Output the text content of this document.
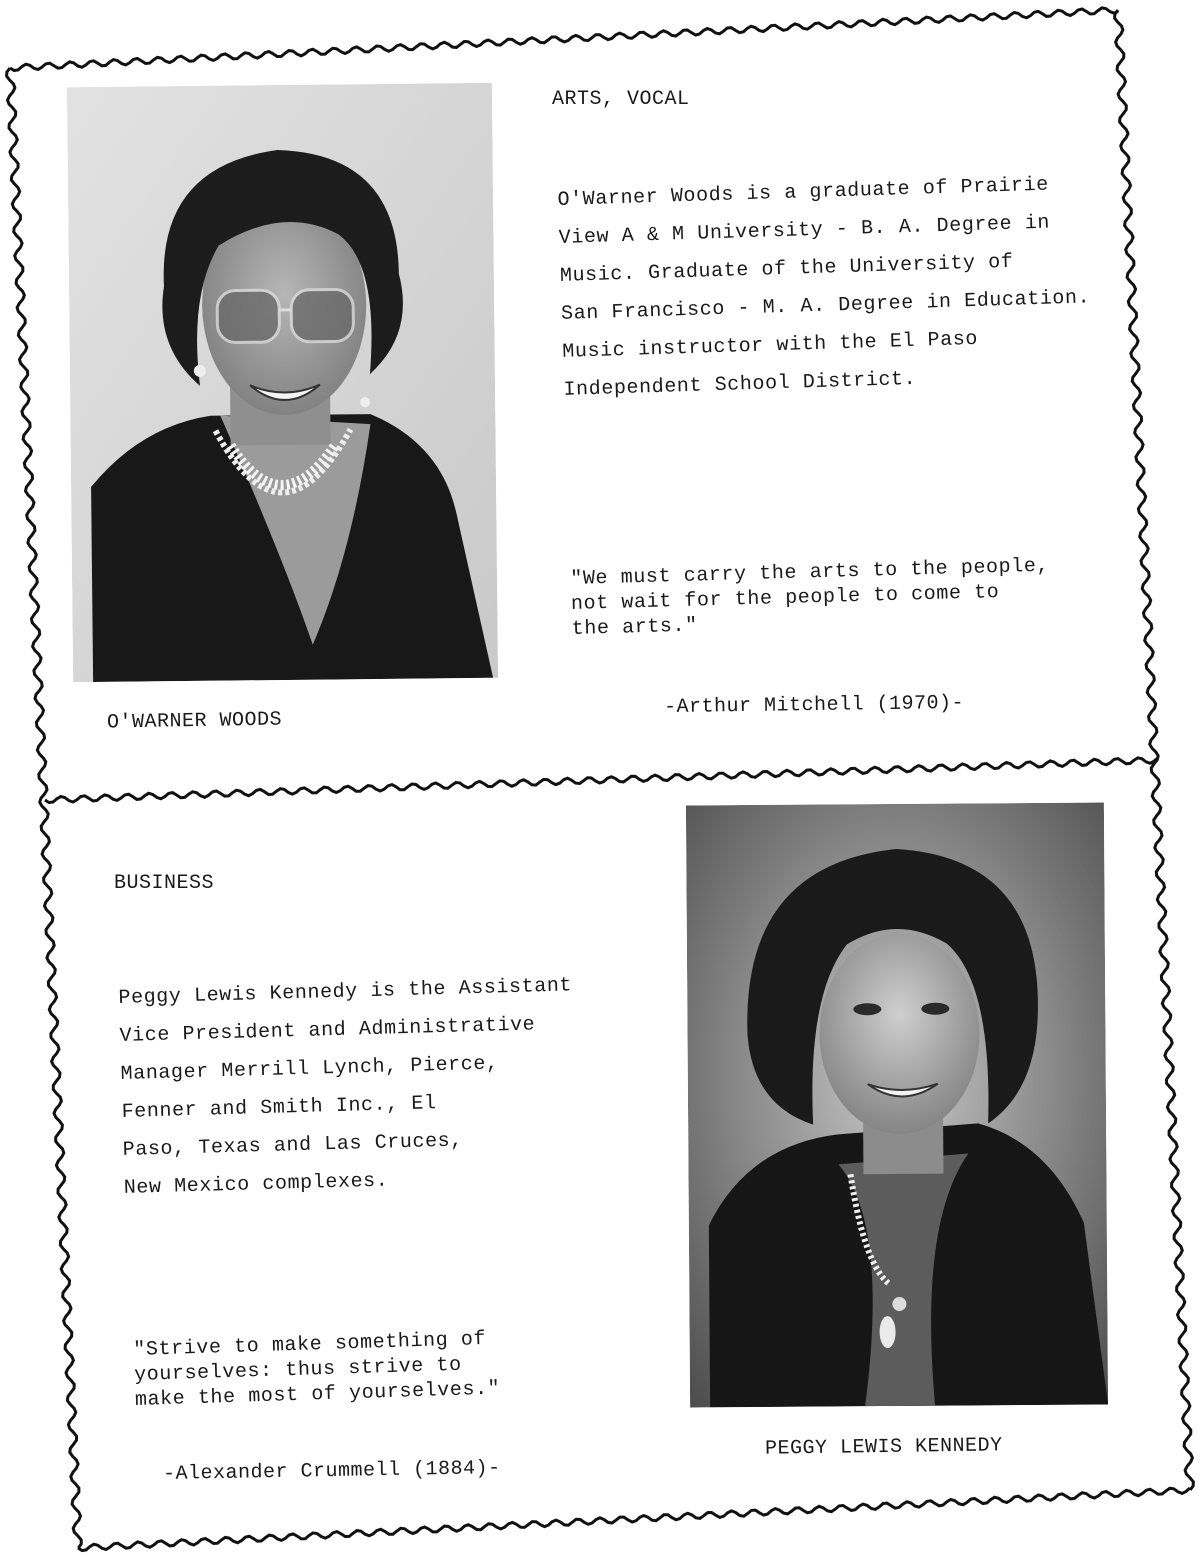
O'WARNER WOODS
ARTS, VOCAL
O'Warner Woods is a graduate of Prairie
View A & M University - B. A. Degree in
Music. Graduate of the University of
San Francisco - M. A. Degree in Education.
Music instructor with the El Paso
Independent School District.
"We must carry the arts to the people,
not wait for the people to come to
the arts."
-Arthur Mitchell (1970)-
BUSINESS
Peggy Lewis Kennedy is the Assistant
Vice President and Administrative
Manager Merrill Lynch, Pierce,
Fenner and Smith Inc., El
Paso, Texas and Las Cruces,
New Mexico complexes.
"Strive to make something of
yourselves: thus strive to
make the most of yourselves."
-Alexander Crummell (1884)-
PEGGY LEWIS KENNEDY
